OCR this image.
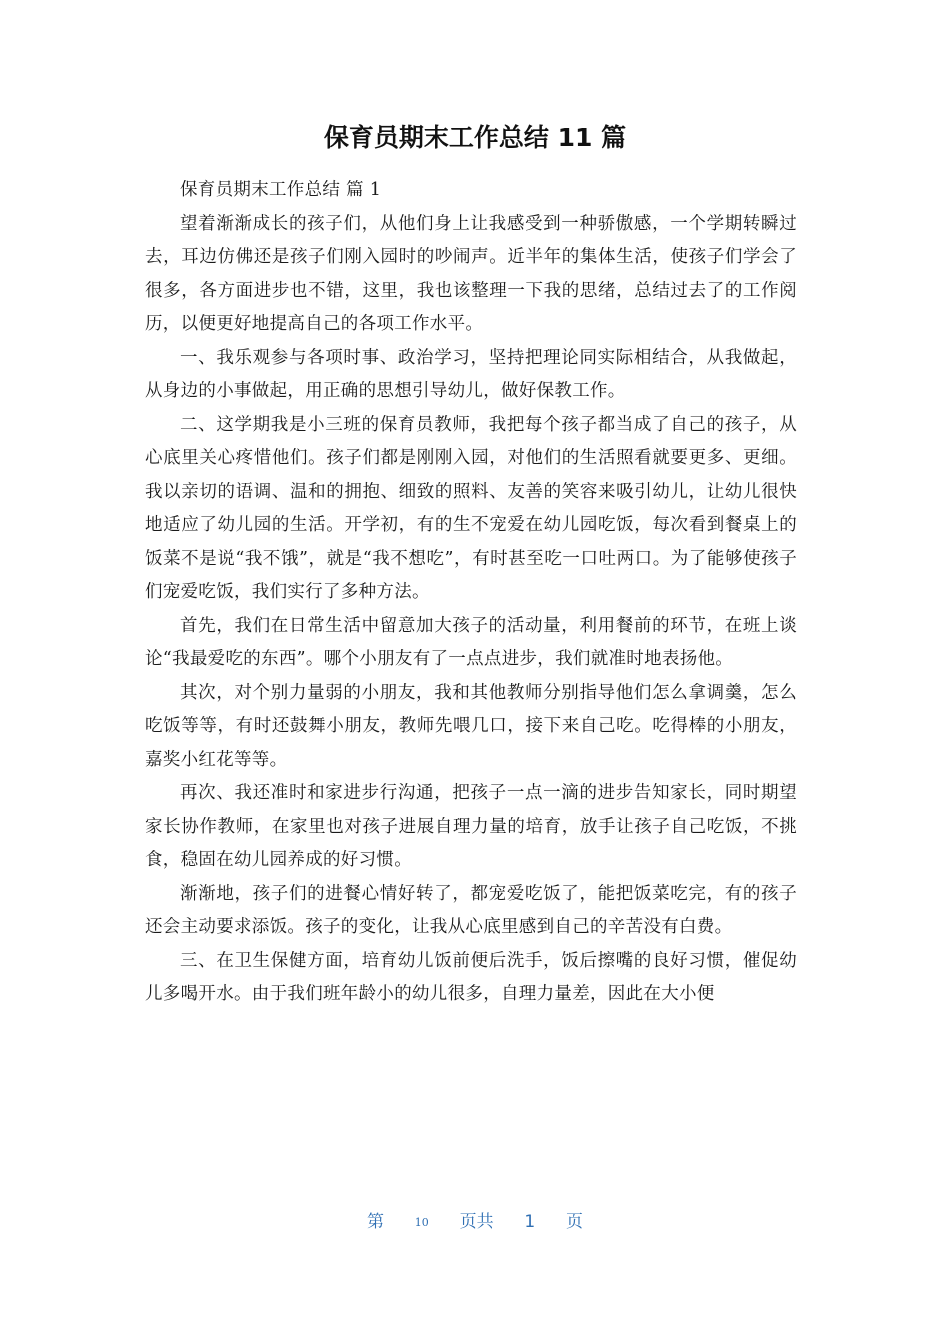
保育员期末工作总结 11 篇

保育员期末工作总结 篇 1

望着渐渐成长的孩子们，从他们身上让我感受到一种骄傲感，一个学期转瞬过去，耳边仿佛还是孩子们刚入园时的吵闹声。近半年的集体生活，使孩子们学会了很多，各方面进步也不错，这里，我也该整理一下我的思绪，总结过去了的工作阅历，以便更好地提高自己的各项工作水平。

一、我乐观参与各项时事、政治学习，坚持把理论同实际相结合，从我做起，从身边的小事做起，用正确的思想引导幼儿，做好保教工作。

二、这学期我是小三班的保育员教师，我把每个孩子都当成了自己的孩子，从心底里关心疼惜他们。孩子们都是刚刚入园，对他们的生活照看就要更多、更细。我以亲切的语调、温和的拥抱、细致的照料、友善的笑容来吸引幼儿，让幼儿很快地适应了幼儿园的生活。开学初，有的生不宠爱在幼儿园吃饭，每次看到餐桌上的饭菜不是说“我不饿”，就是“我不想吃”，有时甚至吃一口吐两口。为了能够使孩子们宠爱吃饭，我们实行了多种方法。

首先，我们在日常生活中留意加大孩子的活动量，利用餐前的环节，在班上谈论“我最爱吃的东西”。哪个小朋友有了一点点进步，我们就准时地表扬他。

其次，对个别力量弱的小朋友，我和其他教师分别指导他们怎么拿调羹，怎么吃饭等等，有时还鼓舞小朋友，教师先喂几口，接下来自己吃。吃得棒的小朋友，嘉奖小红花等等。

再次、我还准时和家进步行沟通，把孩子一点一滴的进步告知家长，同时期望家长协作教师，在家里也对孩子进展自理力量的培育，放手让孩子自己吃饭，不挑食，稳固在幼儿园养成的好习惯。

渐渐地，孩子们的进餐心情好转了，都宠爱吃饭了，能把饭菜吃完，有的孩子还会主动要求添饭。孩子的变化，让我从心底里感到自己的辛苦没有白费。

三、在卫生保健方面，培育幼儿饭前便后洗手，饭后擦嘴的良好习惯，催促幼儿多喝开水。由于我们班年龄小的幼儿很多，自理力量差，因此在大小便

第	10 页共 1 页
